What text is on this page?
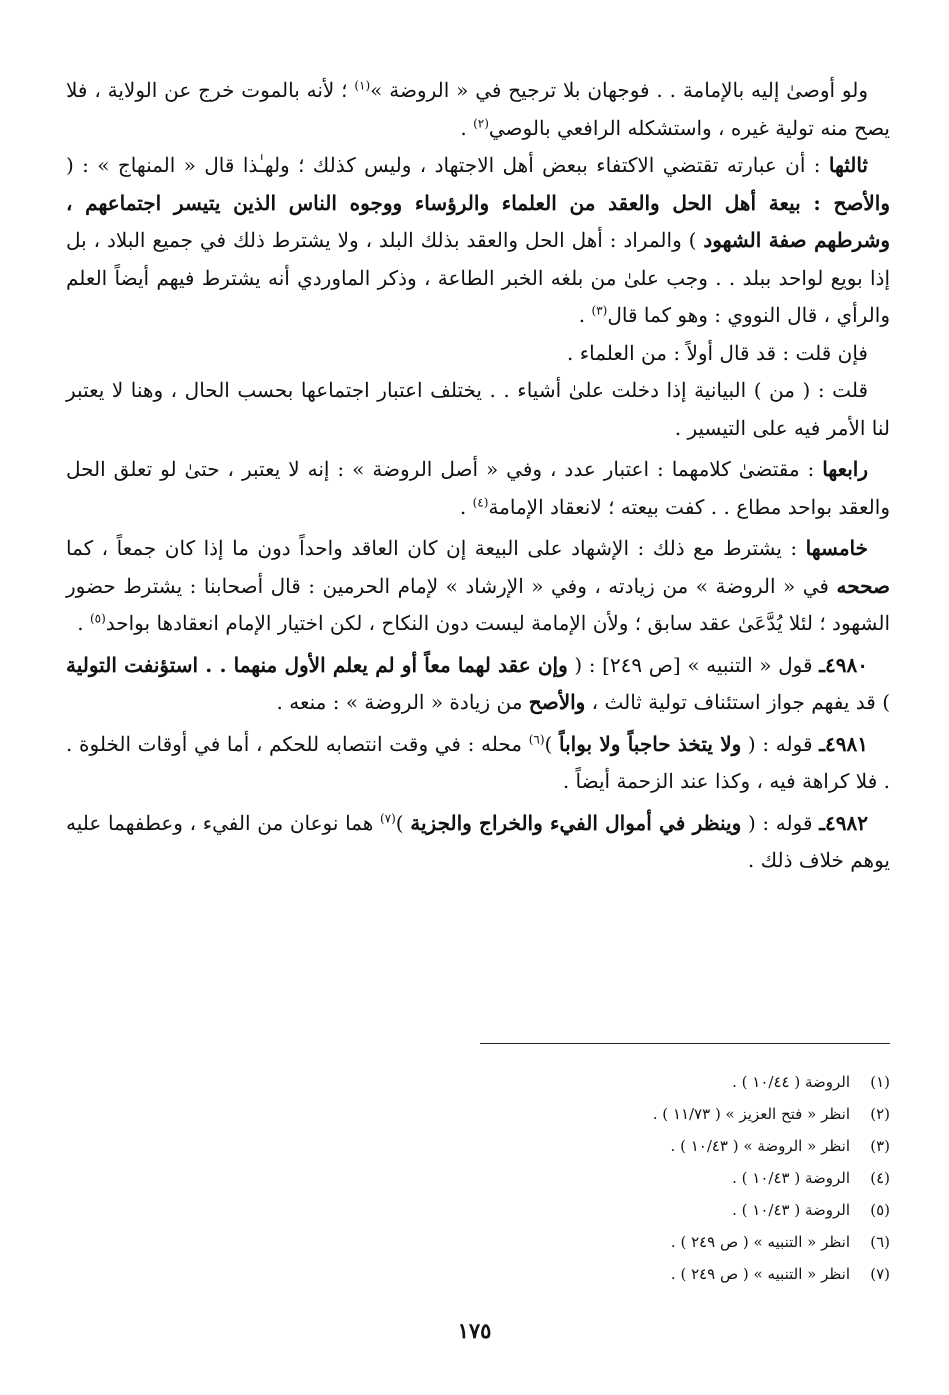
ولو أوصىٰ إليه بالإمامة . . فوجهان بلا ترجيح في « الروضة »$^{(١)}$ ؛ لأنه بالموت خرج عن الولاية ، فلا يصح منه تولية غيره ، واستشكله الرافعي بالوصي$^{(٢)}$ .

ثالثها : أن عبارته تقتضي الاكتفاء ببعض أهل الاجتهاد ، وليس كذلك ؛ ولهـٰذا قال « المنهاج » : ( والأصح : بيعة أهل الحل والعقد من العلماء والرؤساء ووجوه الناس الذين يتيسر اجتماعهم ، وشرطهم صفة الشهود ) والمراد : أهل الحل والعقد بذلك البلد ، ولا يشترط ذلك في جميع البلاد ، بل إذا بويع لواحد ببلد . . وجب علىٰ من بلغه الخبر الطاعة ، وذكر الماوردي أنه يشترط فيهم أيضاً العلم والرأي ، قال النووي : وهو كما قال$^{(٣)}$ .

فإن قلت : قد قال أولاً : من العلماء .

قلت : ( من ) البيانية إذا دخلت علىٰ أشياء . . يختلف اعتبار اجتماعها بحسب الحال ، وهنا لا يعتبر لنا الأمر فيه على التيسير .

رابعها : مقتضىٰ كلامهما : اعتبار عدد ، وفي « أصل الروضة » : إنه لا يعتبر ، حتىٰ لو تعلق الحل والعقد بواحد مطاع . . كفت بيعته ؛ لانعقاد الإمامة$^{(٤)}$ .

خامسها : يشترط مع ذلك : الإشهاد على البيعة إن كان العاقد واحداً دون ما إذا كان جمعاً ، كما صححه في « الروضة » من زيادته ، وفي « الإرشاد » لإمام الحرمين : قال أصحابنا : يشترط حضور الشهود ؛ لئلا يُدَّعَىٰ عقد سابق ؛ ولأن الإمامة ليست دون النكاح ، لكن اختيار الإمام انعقادها بواحد$^{(٥)}$ .

٤٩٨٠ـ قول « التنبيه » [ص ٢٤٩] : ( وإن عقد لهما معاً أو لم يعلم الأول منهما . . استؤنفت التولية ) قد يفهم جواز استئناف تولية ثالث ، والأصح من زيادة « الروضة » : منعه .

٤٩٨١ـ قوله : ( ولا يتخذ حاجباً ولا بواباً )$^{(٦)}$ محله : في وقت انتصابه للحكم ، أما في أوقات الخلوة . . فلا كراهة فيه ، وكذا عند الزحمة أيضاً .

٤٩٨٢ـ قوله : ( وينظر في أموال الفيء والخراج والجزية )$^{(٧)}$ هما نوعان من الفيء ، وعطفهما عليه يوهم خلاف ذلك .

(١)الروضة ( ١٠/٤٤ ) .
(٢)انظر « فتح العزيز » ( ١١/٧٣ ) .
(٣)انظر « الروضة » ( ١٠/٤٣ ) .
(٤)الروضة ( ١٠/٤٣ ) .
(٥)الروضة ( ١٠/٤٣ ) .
(٦)انظر « التنبيه » ( ص ٢٤٩ ) .
(٧)انظر « التنبيه » ( ص ٢٤٩ ) .
١٧٥
